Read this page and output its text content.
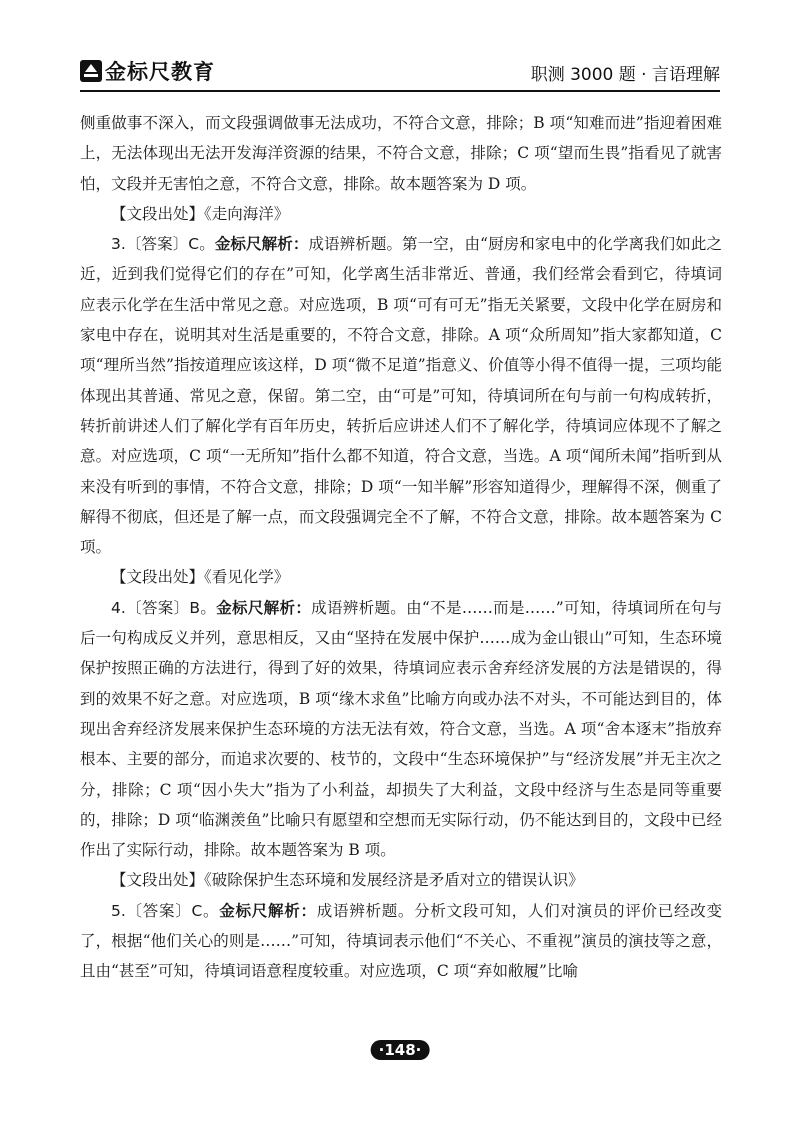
金标尺教育	职测 3000 题 · 言语理解

侧重做事不深入，而文段强调做事无法成功，不符合文意，排除；B 项“知难而进”指迎着困难上，无法体现出无法开发海洋资源的结果，不符合文意，排除；C 项“望而生畏”指看见了就害怕，文段并无害怕之意，不符合文意，排除。故本题答案为 D 项。

【文段出处】《走向海洋》

3.〔答案〕C。金标尺解析：成语辨析题。第一空，由“厨房和家电中的化学离我们如此之近，近到我们觉得它们的存在”可知，化学离生活非常近、普通，我们经常会看到它，待填词应表示化学在生活中常见之意。对应选项，B 项“可有可无”指无关紧要，文段中化学在厨房和家电中存在，说明其对生活是重要的，不符合文意，排除。A 项“众所周知”指大家都知道，C 项“理所当然”指按道理应该这样，D 项“微不足道”指意义、价值等小得不值得一提，三项均能体现出其普通、常见之意，保留。第二空，由“可是”可知，待填词所在句与前一句构成转折，转折前讲述人们了解化学有百年历史，转折后应讲述人们不了解化学，待填词应体现不了解之意。对应选项，C 项“一无所知”指什么都不知道，符合文意，当选。A 项“闻所未闻”指听到从来没有听到的事情，不符合文意，排除；D 项“一知半解”形容知道得少，理解得不深，侧重了解得不彻底，但还是了解一点，而文段强调完全不了解，不符合文意，排除。故本题答案为 C 项。

【文段出处】《看见化学》

4.〔答案〕B。金标尺解析：成语辨析题。由“不是……而是……”可知，待填词所在句与后一句构成反义并列，意思相反，又由“坚持在发展中保护……成为金山银山”可知，生态环境保护按照正确的方法进行，得到了好的效果，待填词应表示舍弃经济发展的方法是错误的，得到的效果不好之意。对应选项，B 项“缘木求鱼”比喻方向或办法不对头，不可能达到目的，体现出舍弃经济发展来保护生态环境的方法无法有效，符合文意，当选。A 项“舍本逐末”指放弃根本、主要的部分，而追求次要的、枝节的，文段中“生态环境保护”与“经济发展”并无主次之分，排除；C 项“因小失大”指为了小利益，却损失了大利益，文段中经济与生态是同等重要的，排除；D 项“临渊羡鱼”比喻只有愿望和空想而无实际行动，仍不能达到目的，文段中已经作出了实际行动，排除。故本题答案为 B 项。

【文段出处】《破除保护生态环境和发展经济是矛盾对立的错误认识》

5.〔答案〕C。金标尺解析：成语辨析题。分析文段可知，人们对演员的评价已经改变了，根据“他们关心的则是……”可知，待填词表示他们“不关心、不重视”演员的演技等之意，且由“甚至”可知，待填词语意程度较重。对应选项，C 项“弃如敝履”比喻

·148·
